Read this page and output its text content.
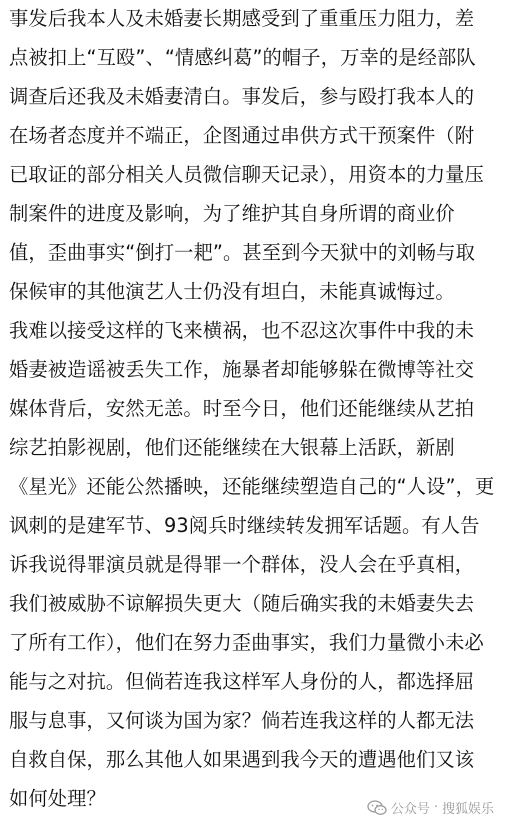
事发后我本人及未婚妻长期感受到了重重压力阻力，差
点被扣上“互殴”、“情感纠葛”的帽子，万幸的是经部队
调查后还我及未婚妻清白。事发后，参与殴打我本人的
在场者态度并不端正，企图通过串供方式干预案件（附
已取证的部分相关人员微信聊天记录），用资本的力量压
制案件的进度及影响，为了维护其自身所谓的商业价
值，歪曲事实“倒打一耙”。甚至到今天狱中的刘畅与取
保候审的其他演艺人士仍没有坦白，未能真诚悔过。
我难以接受这样的飞来横祸，也不忍这次事件中我的未
婚妻被造谣被丢失工作，施暴者却能够躲在微博等社交
媒体背后，安然无恙。时至今日，他们还能继续从艺拍
综艺拍影视剧，他们还能继续在大银幕上活跃，新剧
《星光》还能公然播映，还能继续塑造自己的“人设”，更
讽刺的是建军节、93阅兵时继续转发拥军话题。有人告
诉我说得罪演员就是得罪一个群体，没人会在乎真相，
我们被威胁不谅解损失更大（随后确实我的未婚妻失去
了所有工作），他们在努力歪曲事实，我们力量微小未必
能与之对抗。但倘若连我这样军人身份的人，都选择屈
服与息事，又何谈为国为家？倘若连我这样的人都无法
自救自保，那么其他人如果遇到我今天的遭遇他们又该
如何处理？	公众号 · 搜狐娱乐
